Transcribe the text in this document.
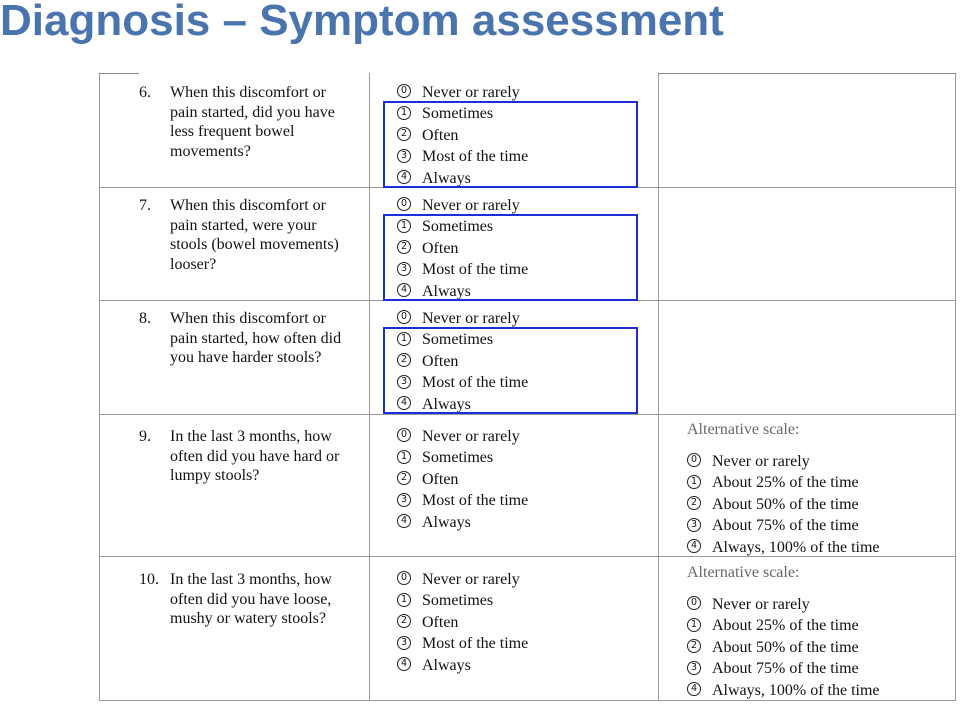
Diagnosis – Symptom assessment
6. When this discomfort or
pain started, did you have
less frequent bowel
movements?
7. When this discomfort or
pain started, were your
stools (bowel movements)
looser?
8. When this discomfort or
pain started, how often did
you have harder stools?
9. In the last 3 months, how
often did you have hard or
lumpy stools?
10. In the last 3 months, how
often did you have loose,
mushy or watery stools?
0 Never or rarely
1 Sometimes
2 Often
3 Most of the time
4 Always
0 Never or rarely
1 Sometimes
2 Often
3 Most of the time
4 Always
0 Never or rarely
1 Sometimes
2 Often
3 Most of the time
4 Always
0 Never or rarely
1 Sometimes
2 Often
3 Most of the time
4 Always
0 Never or rarely
1 Sometimes
2 Often
3 Most of the time
4 Always
Alternative scale:
0 Never or rarely
1 About 25% of the time
2 About 50% of the time
3 About 75% of the time
4 Always, 100% of the time
Alternative scale:
0 Never or rarely
1 About 25% of the time
2 About 50% of the time
3 About 75% of the time
4 Always, 100% of the time
